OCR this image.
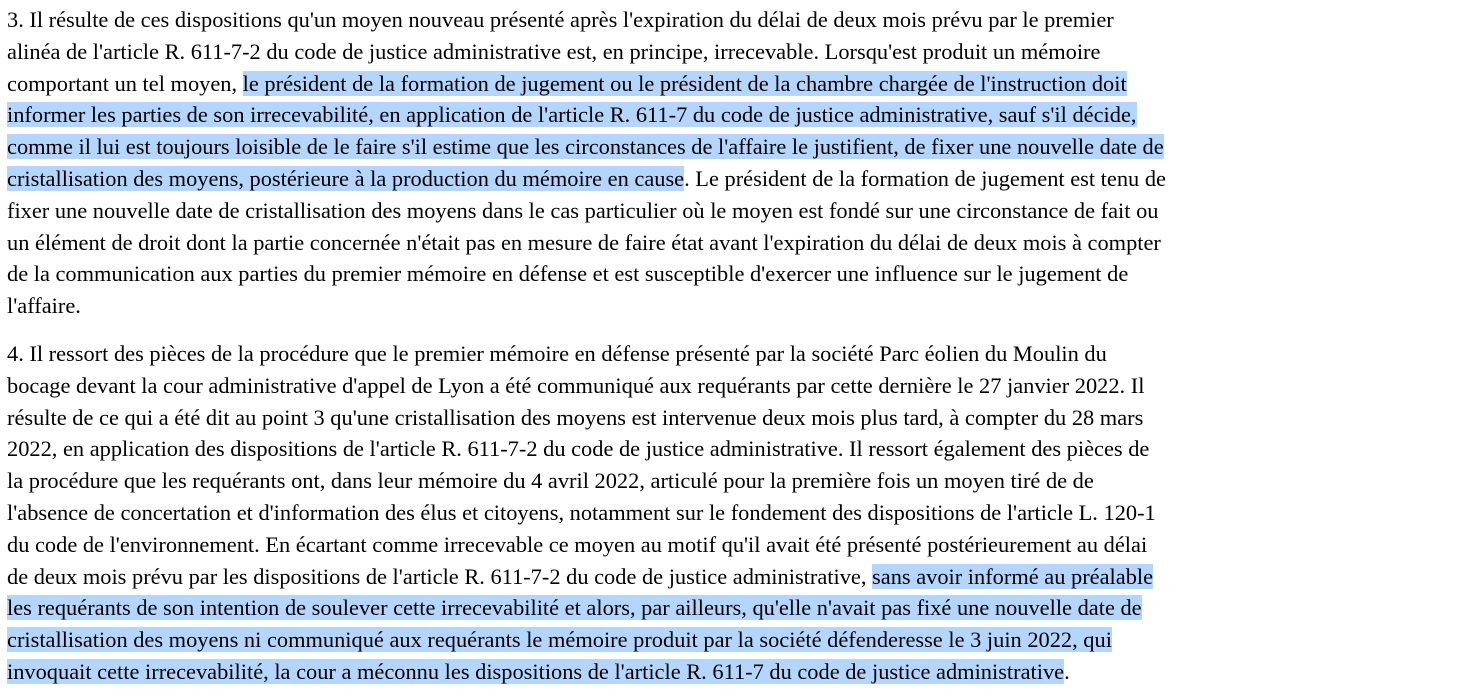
3. Il résulte de ces dispositions qu'un moyen nouveau présenté après l'expiration du délai de deux mois prévu par le premier
alinéa de l'article R. 611-7-2 du code de justice administrative est, en principe, irrecevable. Lorsqu'est produit un mémoire
comportant un tel moyen, le président de la formation de jugement ou le président de la chambre chargée de l'instruction doit
informer les parties de son irrecevabilité, en application de l'article R. 611-7 du code de justice administrative, sauf s'il décide,
comme il lui est toujours loisible de le faire s'il estime que les circonstances de l'affaire le justifient, de fixer une nouvelle date de
cristallisation des moyens, postérieure à la production du mémoire en cause. Le président de la formation de jugement est tenu de
fixer une nouvelle date de cristallisation des moyens dans le cas particulier où le moyen est fondé sur une circonstance de fait ou
un élément de droit dont la partie concernée n'était pas en mesure de faire état avant l'expiration du délai de deux mois à compter
de la communication aux parties du premier mémoire en défense et est susceptible d'exercer une influence sur le jugement de
l'affaire.

4. Il ressort des pièces de la procédure que le premier mémoire en défense présenté par la société Parc éolien du Moulin du
bocage devant la cour administrative d'appel de Lyon a été communiqué aux requérants par cette dernière le 27 janvier 2022. Il
résulte de ce qui a été dit au point 3 qu'une cristallisation des moyens est intervenue deux mois plus tard, à compter du 28 mars
2022, en application des dispositions de l'article R. 611-7-2 du code de justice administrative. Il ressort également des pièces de
la procédure que les requérants ont, dans leur mémoire du 4 avril 2022, articulé pour la première fois un moyen tiré de de
l'absence de concertation et d'information des élus et citoyens, notamment sur le fondement des dispositions de l'article L. 120-1
du code de l'environnement. En écartant comme irrecevable ce moyen au motif qu'il avait été présenté postérieurement au délai
de deux mois prévu par les dispositions de l'article R. 611-7-2 du code de justice administrative, sans avoir informé au préalable
les requérants de son intention de soulever cette irrecevabilité et alors, par ailleurs, qu'elle n'avait pas fixé une nouvelle date de
cristallisation des moyens ni communiqué aux requérants le mémoire produit par la société défenderesse le 3 juin 2022, qui
invoquait cette irrecevabilité, la cour a méconnu les dispositions de l'article R. 611-7 du code de justice administrative.
